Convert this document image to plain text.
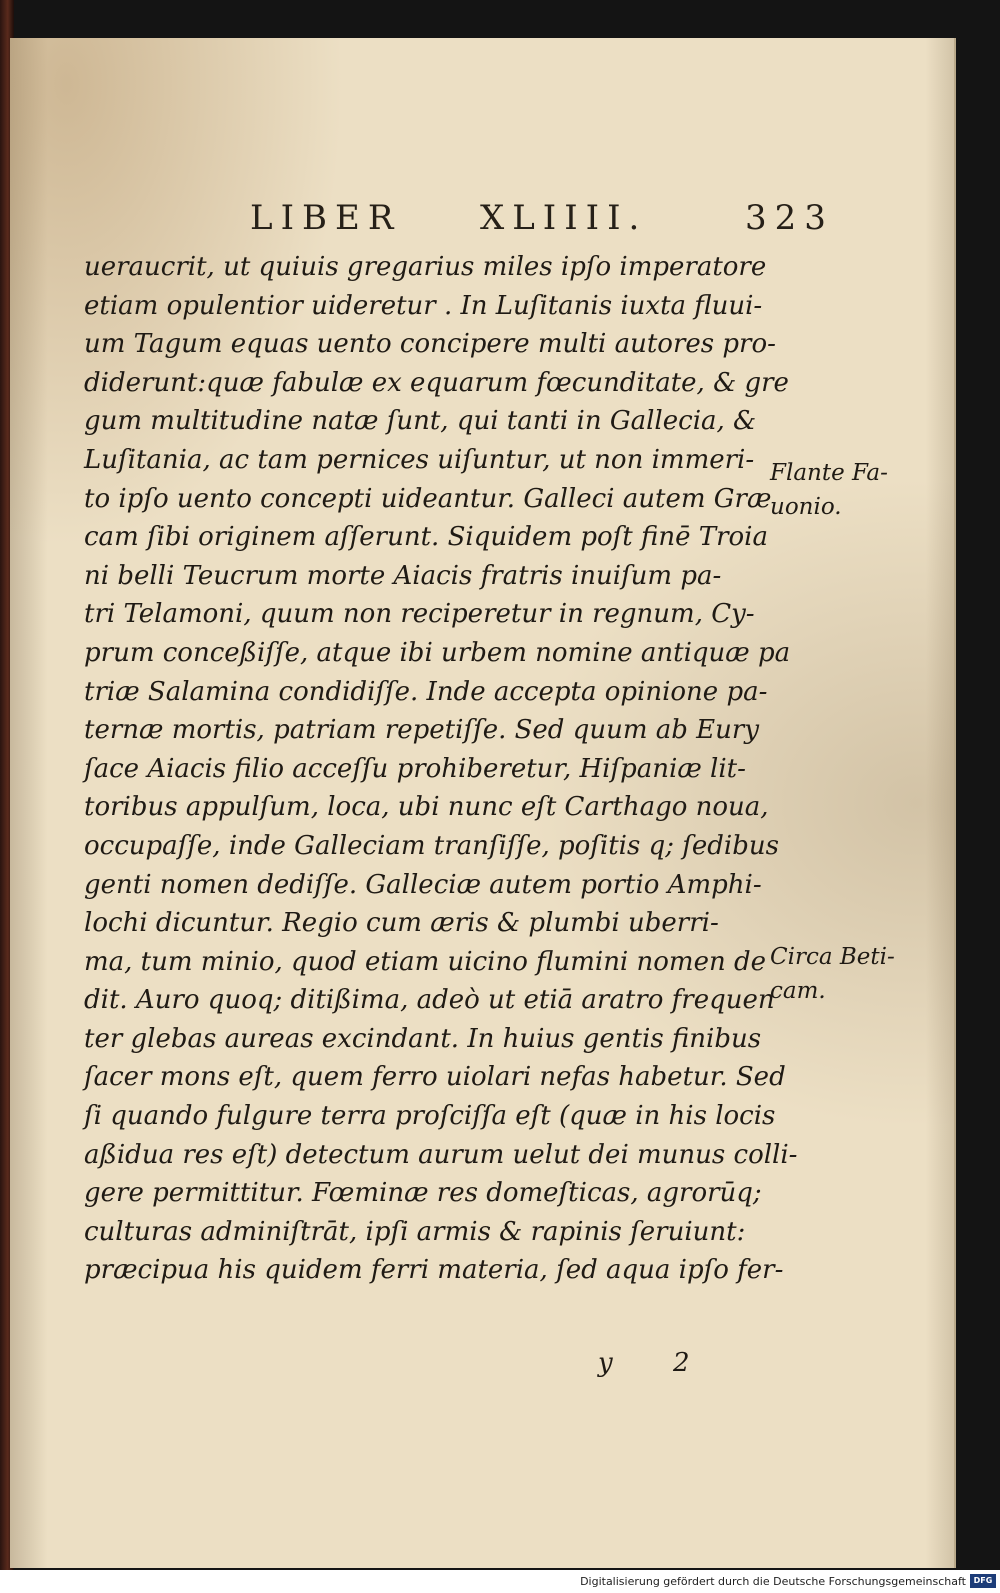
LIBER XLIIII.	323
ueraucrit, ut quiuis gregarius miles ipſo imperatore
etiam opulentior uideretur . In Luſitanis iuxta fluui-
um Tagum equas uento concipere multi autores pro-
diderunt:quæ fabulæ ex equarum fœcunditate, & gre
gum multitudine natæ ſunt, qui tanti in Gallecia, &
Luſitania, ac tam pernices uiſuntur, ut non immeri-
to ipſo uento concepti uideantur. Galleci autem Græ
cam ſibi originem aſſerunt. Siquidem poſt finē Troia
ni belli Teucrum morte Aiacis fratris inuiſum pa-
tri Telamoni, quum non reciperetur in regnum, Cy-
prum conceßiſſe, atque ibi urbem nomine antiquæ pa
triæ Salamina condidiſſe. Inde accepta opinione pa-
ternæ mortis, patriam repetiſſe. Sed quum ab Eury
ſace Aiacis filio acceſſu prohiberetur, Hiſpaniæ lit-
toribus appulſum, loca, ubi nunc eſt Carthago noua,
occupaſſe, inde Galleciam tranſiſſe, poſitis q; ſedibus
genti nomen dediſſe. Galleciæ autem portio Amphi-
lochi dicuntur. Regio cum æris & plumbi uberri-
ma, tum minio, quod etiam uicino flumini nomen de
dit. Auro quoq; ditißima, adeò ut etiā aratro frequen
ter glebas aureas excindant. In huius gentis finibus
ſacer mons eſt, quem ferro uiolari nefas habetur. Sed
ſi quando fulgure terra proſciſſa eſt (quæ in his locis
aßidua res eſt) detectum aurum uelut dei munus colli-
gere permittitur. Fœminæ res domeſticas, agrorūq;
culturas adminiſtrāt, ipſi armis & rapinis ſeruiunt:
præcipua his quidem ferri materia, ſed aqua ipſo fer-
Flante Fa-
uonio.
Circa Beti-
cam.
y 2
Digitalisierung gefördert durch die Deutsche Forschungsgemeinschaft DFG
